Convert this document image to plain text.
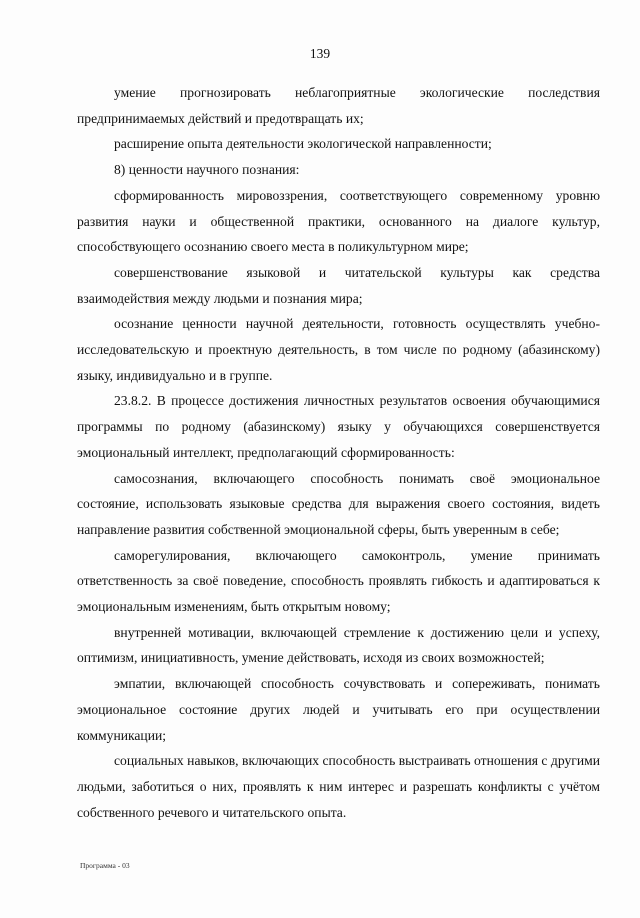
139

умение прогнозировать неблагоприятные экологические последствия предпринимаемых действий и предотвращать их;

расширение опыта деятельности экологической направленности;

8) ценности научного познания:

сформированность мировоззрения, соответствующего современному уровню развития науки и общественной практики, основанного на диалоге культур, способствующего осознанию своего места в поликультурном мире;

совершенствование языковой и читательской культуры как средства взаимодействия между людьми и познания мира;

осознание ценности научной деятельности, готовность осуществлять учебно-исследовательскую и проектную деятельность, в том числе по родному (абазинскому) языку, индивидуально и в группе.

23.8.2. В процессе достижения личностных результатов освоения обучающимися программы по родному (абазинскому) языку у обучающихся совершенствуется эмоциональный интеллект, предполагающий сформированность:

самосознания, включающего способность понимать своё эмоциональное состояние, использовать языковые средства для выражения своего состояния, видеть направление развития собственной эмоциональной сферы, быть уверенным в себе;

саморегулирования, включающего самоконтроль, умение принимать ответственность за своё поведение, способность проявлять гибкость и адаптироваться к эмоциональным изменениям, быть открытым новому;

внутренней мотивации, включающей стремление к достижению цели и успеху, оптимизм, инициативность, умение действовать, исходя из своих возможностей;

эмпатии, включающей способность сочувствовать и сопереживать, понимать эмоциональное состояние других людей и учитывать его при осуществлении коммуникации;

социальных навыков, включающих способность выстраивать отношения с другими людьми, заботиться о них, проявлять к ним интерес и разрешать конфликты с учётом собственного речевого и читательского опыта.

Программа - 03
